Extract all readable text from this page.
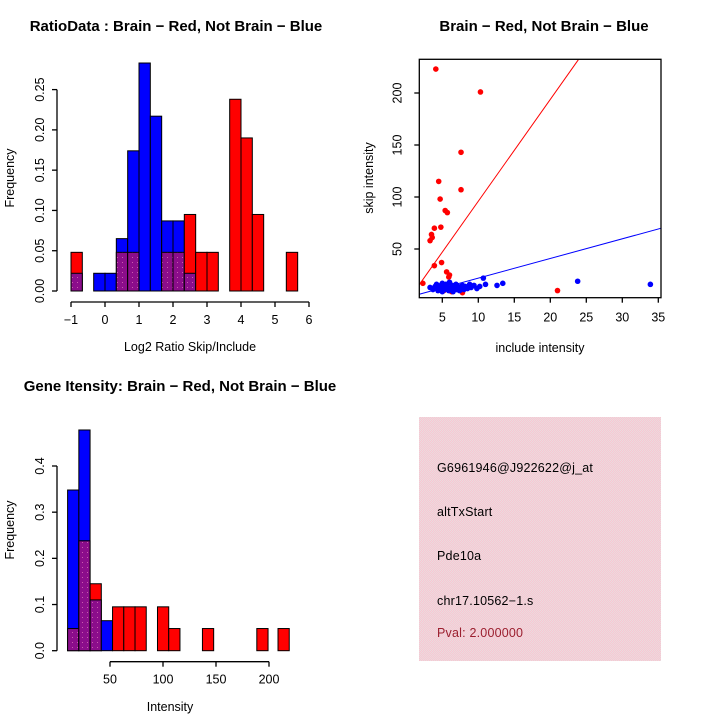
0.00
0.05
0.10
0.15
0.20
0.25
−1 0 1 2 3 4 5 6
RatioData : Brain − Red, Not Brain − Blue
Log2 Ratio Skip/Include
Frequency
5 10 15 20 25 30 35
50
100
150
200
Brain − Red, Not Brain − Blue
include intensity
skip intensity
0.0
0.1
0.2
0.3
0.4
50	100	150	200
Gene Itensity: Brain − Red, Not Brain − Blue
Intensity
Frequency
G6961946@J922622@j_at
altTxStart
Pde10a
chr17.10562−1.s
Pval: 2.000000
